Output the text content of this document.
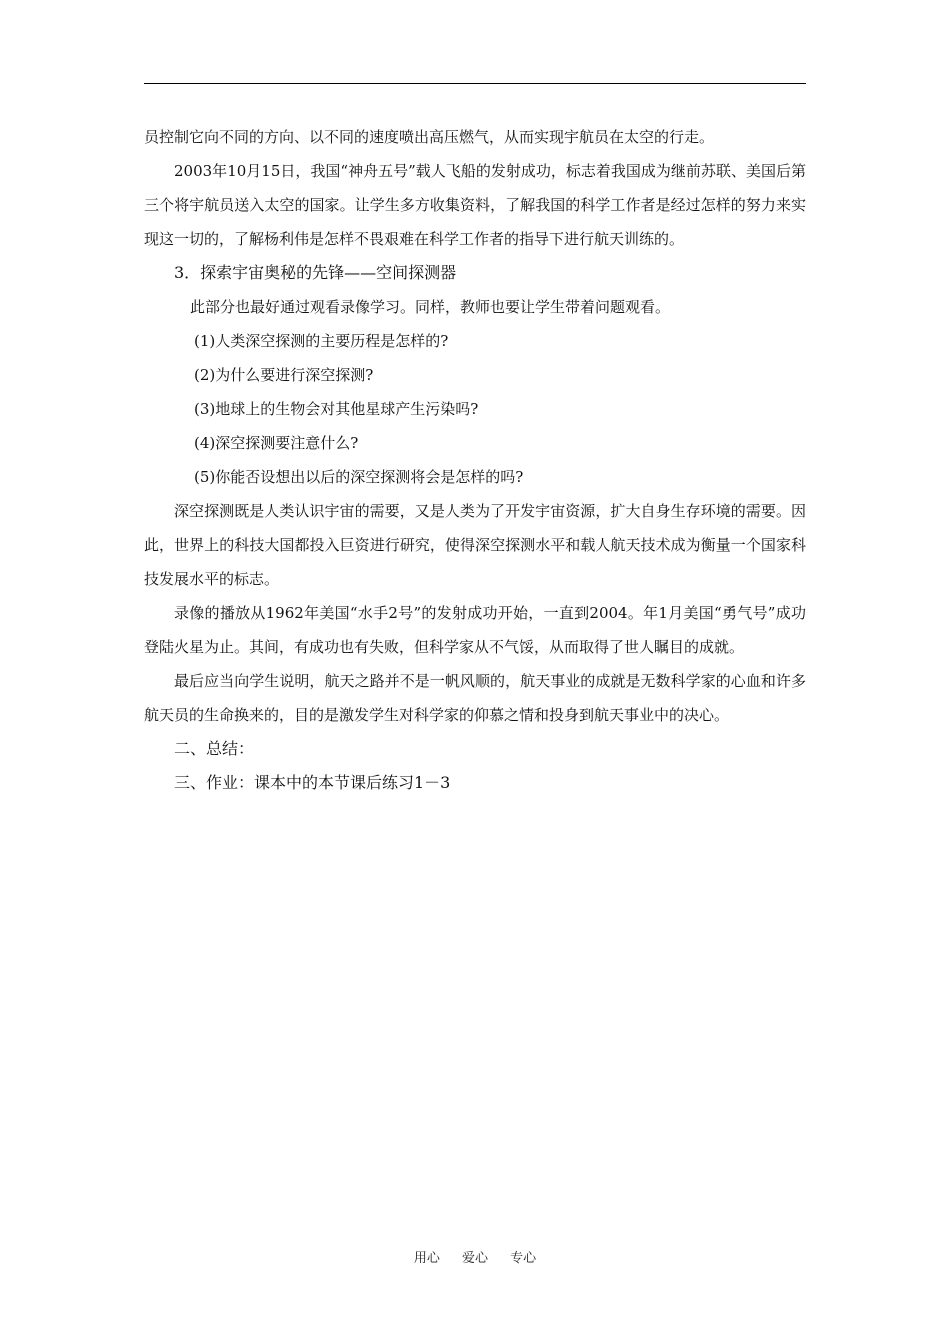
员控制它向不同的方向、以不同的速度喷出高压燃气，从而实现宇航员在太空的行走。

2003年10月15日，我国“神舟五号”载人飞船的发射成功，标志着我国成为继前苏联、美国后第三个将宇航员送入太空的国家。让学生多方收集资料，了解我国的科学工作者是经过怎样的努力来实现这一切的，了解杨利伟是怎样不畏艰难在科学工作者的指导下进行航天训练的。

3．探索宇宙奥秘的先锋——空间探测器

此部分也最好通过观看录像学习。同样，教师也要让学生带着问题观看。

(1)人类深空探测的主要历程是怎样的?

(2)为什么要进行深空探测?

(3)地球上的生物会对其他星球产生污染吗?

(4)深空探测要注意什么?

(5)你能否设想出以后的深空探测将会是怎样的吗?

深空探测既是人类认识宇宙的需要，又是人类为了开发宇宙资源，扩大自身生存环境的需要。因此，世界上的科技大国都投入巨资进行研究，使得深空探测水平和载人航天技术成为衡量一个国家科技发展水平的标志。

录像的播放从1962年美国“水手2号”的发射成功开始，一直到2004。年1月美国“勇气号”成功登陆火星为止。其间，有成功也有失败，但科学家从不气馁，从而取得了世人瞩目的成就。

最后应当向学生说明，航天之路并不是一帆风顺的，航天事业的成就是无数科学家的心血和许多航天员的生命换来的，目的是激发学生对科学家的仰慕之情和投身到航天事业中的决心。

二、总结：

三、作业：课本中的本节课后练习1－3

用心 爱心 专心
